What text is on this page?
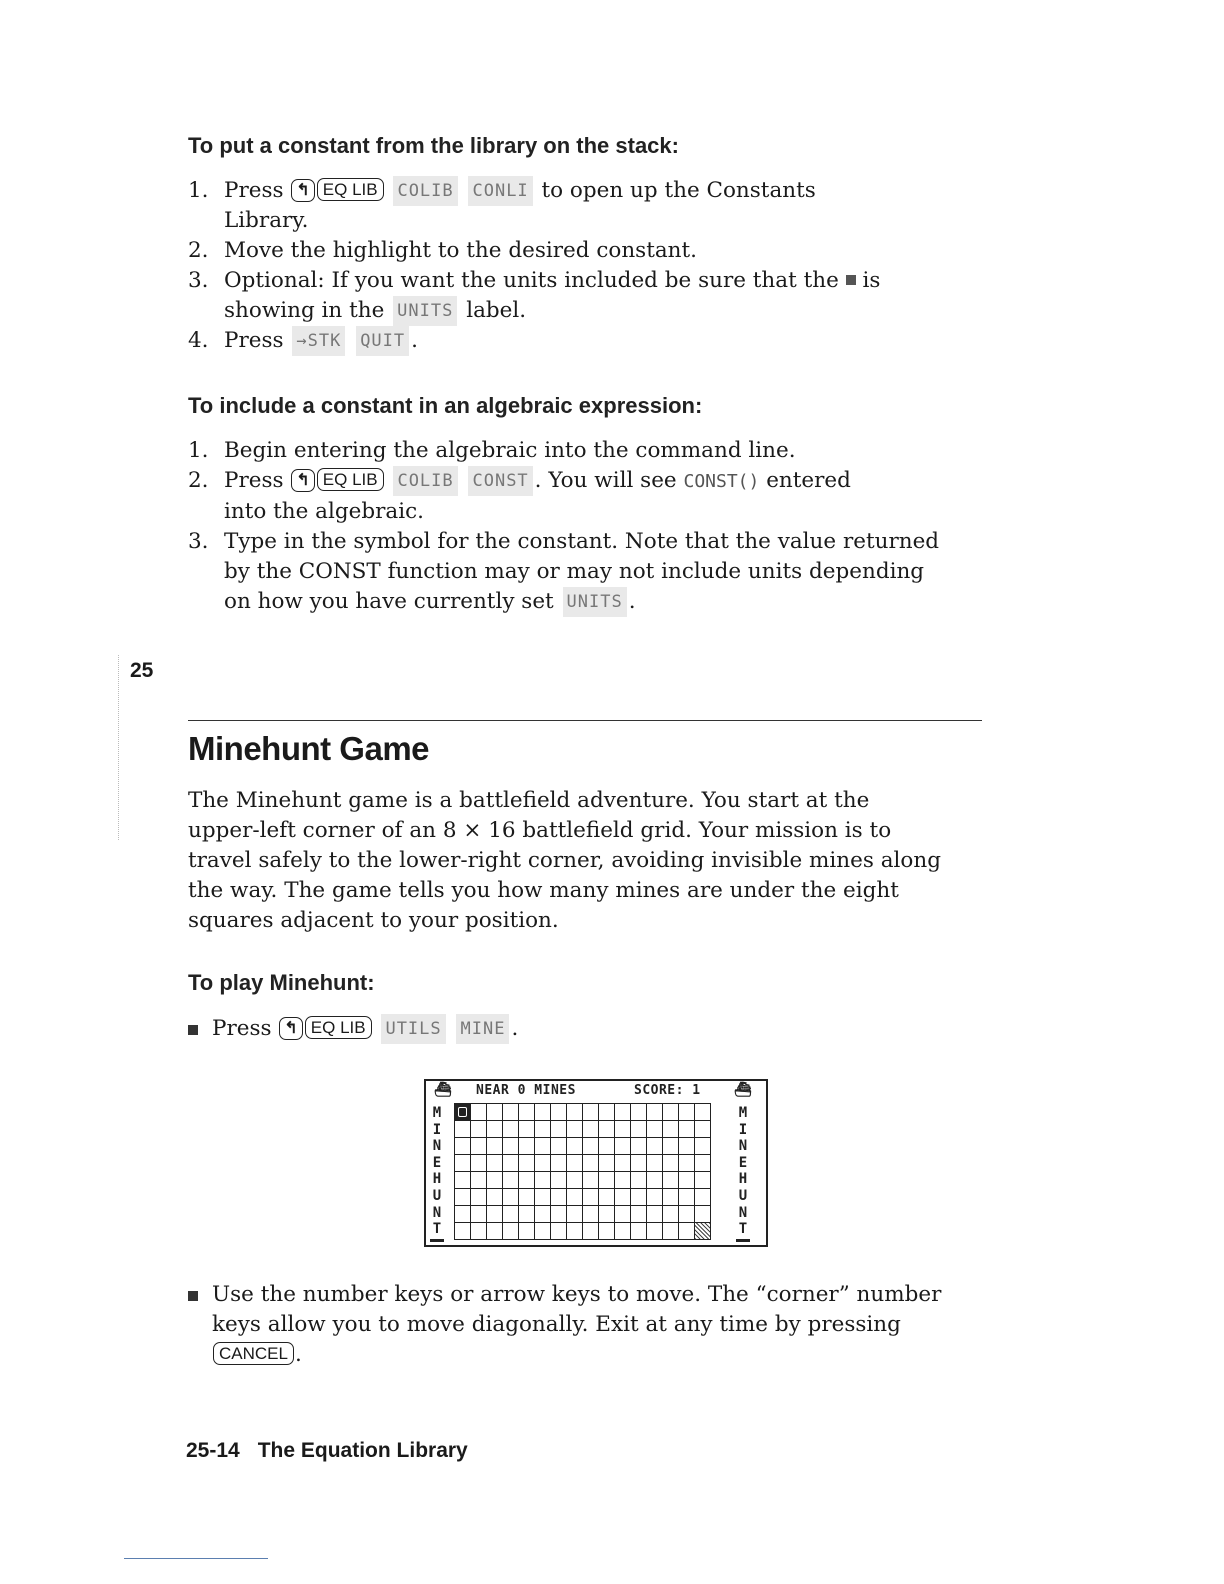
To put a constant from the library on the stack:
1. Press ↰ EQ LIB COLIB CONLI to open up the Constants
Library.
2. Move the highlight to the desired constant.
3. Optional: If you want the units included be sure that the is
showing in the UNITS label.
4. Press →STK QUIT .
To include a constant in an algebraic expression:
1. Begin entering the algebraic into the command line.
2. Press ↰ EQ LIB COLIB CONST . You will see CONST() entered
into the algebraic.
3. Type in the symbol for the constant. Note that the value returned
by the CONST function may or may not include units depending
on how you have currently set UNITS .
25
Minehunt Game
The Minehunt game is a battlefield adventure. You start at the
upper-left corner of an 8 × 16 battlefield grid. Your mission is to
travel safely to the lower-right corner, avoiding invisible mines along
the way. The game tells you how many mines are under the eight
squares adjacent to your position.
To play Minehunt:
Press ↰ EQ LIB UTILS MINE .
⛴ NEAR 0 MINES	SCORE: 1 ⛴
M
I
N
E
H
U
N
T
M
I
N
E
H
U
N
T
Use the number keys or arrow keys to move. The “corner” number
keys allow you to move diagonally. Exit at any time by pressing
CANCEL .
25-14 The Equation Library
